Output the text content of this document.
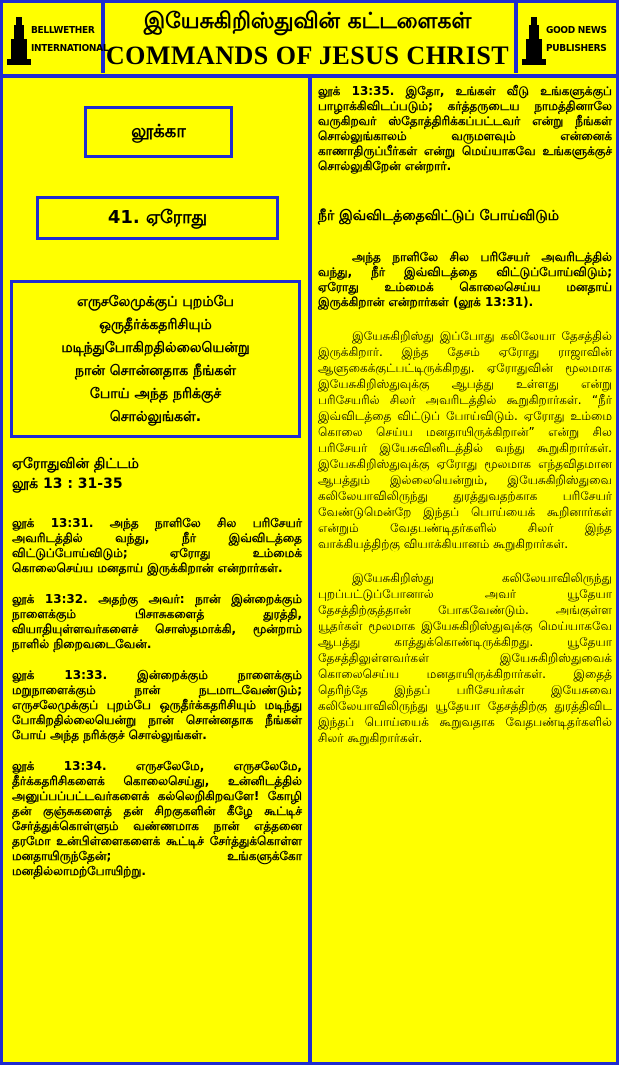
BELLWETHER
INTERNATIONAL
இயேசுகிறிஸ்துவின் கட்டளைகள்
COMMANDS OF JESUS CHRIST
GOOD NEWS
PUBLISHERS
லூக்கா
41. ஏரோது
எருசலேமுக்குப் புறம்பே
ஒருதீர்க்கதரிசியும்
மடிந்துபோகிறதில்லையென்று
நான் சொன்னதாக நீங்கள்
போய் அந்த நரிக்குச்
சொல்லுங்கள்.
ஏரோதுவின் திட்டம்
லூக் 13 : 31-35

லூக் 13:31. அந்த நாளிலே சில பரிசேயர் அவரிடத்தில் வந்து, நீர் இவ்விடத்தை விட்டுப்போய்விடும்; ஏரோது உம்மைக் கொலைசெய்ய மனதாய் இருக்கிறான் என்றார்கள்.

லூக் 13:32. அதற்கு அவர்: நான் இன்றைக்கும் நாளைக்கும் பிசாசுகளைத் துரத்தி, வியாதியுள்ளவர்களைச் சொஸ்தமாக்கி, மூன்றாம் நாளில் நிறைவடைவேன்.

லூக் 13:33. இன்றைக்கும் நாளைக்கும் மறுநாளைக்கும் நான் நடமாடவேண்டும்; எருசலேமுக்குப் புறம்பே ஒருதீர்க்கதரிசியும் மடிந்து போகிறதில்லையென்று நான் சொன்னதாக நீங்கள் போய் அந்த நரிக்குச் சொல்லுங்கள்.

லூக் 13:34. எருசலேமே, எருசலேமே, தீர்க்கதரிசிகளைக் கொலைசெய்து, உன்னிடத்தில் அனுப்பப்பட்டவர்களைக் கல்லெறிகிறவளே! கோழி தன் குஞ்சுகளைத் தன் சிறகுகளின் கீழே கூட்டிச் சேர்த்துக்கொள்ளும் வண்ணமாக நான் எத்தனை தரமோ உன்பிள்ளைகளைக் கூட்டிச் சேர்த்துக்கொள்ள மனதாயிருந்தேன்; உங்களுக்கோ மனதில்லாமற்போயிற்று.

லூக் 13:35. இதோ, உங்கள் வீடு உங்களுக்குப் பாழாக்கிவிடப்படும்; கர்த்தருடைய நாமத்தினாலே வருகிறவர் ஸ்தோத்திரிக்கப்பட்டவர் என்று நீங்கள் சொல்லுங்காலம் வருமளவும் என்னைக் காணாதிருப்பீர்கள் என்று மெய்யாகவே உங்களுக்குச் சொல்லுகிறேன் என்றார்.

நீர் இவ்விடத்தைவிட்டுப் போய்விடும்

அந்த நாளிலே சில பரிசேயர் அவரிடத்தில் வந்து, நீர் இவ்விடத்தை விட்டுப்போய்விடும்; ஏரோது உம்மைக் கொலைசெய்ய மனதாய் இருக்கிறான் என்றார்கள் (லூக் 13:31).

இயேசுகிறிஸ்து இப்போது கலிலேயா தேசத்தில் இருக்கிறார். இந்த தேசம் ஏரோது ராஜாவின் ஆளுகைக்குட்பட்டிருக்கிறது. ஏரோதுவின் மூலமாக இயேசுகிறிஸ்துவுக்கு ஆபத்து உள்ளது என்று பரிசேயரில் சிலர் அவரிடத்தில் கூறுகிறார்கள். “நீர் இவ்விடத்தை விட்டுப் போய்விடும். ஏரோது உம்மை கொலை செய்ய மனதாயிருக்கிறான்” என்று சில பரிசேயர் இயேசுவினிடத்தில் வந்து கூறுகிறார்கள். இயேசுகிறிஸ்துவுக்கு ஏரோது மூலமாக எந்தவிதமான ஆபத்தும் இல்லையென்றும், இயேசுகிறிஸ்துவை கலிலேயாவிலிருந்து துரத்துவதற்காக பரிசேயர் வேண்டுமென்றே இந்தப் பொய்யைக் கூறினார்கள் என்றும் வேதபண்டிதர்களில் சிலர் இந்த வாக்கியத்திற்கு வியாக்கியானம் கூறுகிறார்கள்.

இயேசுகிறிஸ்து கலிலேயாவிலிருந்து புறப்பட்டுப்போனால் அவர் யூதேயா தேசத்திற்குத்தான் போகவேண்டும். அங்குள்ள யூதர்கள் மூலமாக இயேசுகிறிஸ்துவுக்கு மெய்யாகவே ஆபத்து காத்துக்கொண்டிருக்கிறது. யூதேயா தேசத்திலுள்ளவர்கள் இயேசுகிறிஸ்துவைக் கொலைசெய்ய மனதாயிருக்கிறார்கள். இதைத் தெரிந்தே இந்தப் பரிசேயர்கள் இயேசுவை கலிலேயாவிலிருந்து யூதேயா தேசத்திற்கு துரத்திவிட இந்தப் பொய்யைக் கூறுவதாக வேதபண்டிதர்களில் சிலர் கூறுகிறார்கள்.
